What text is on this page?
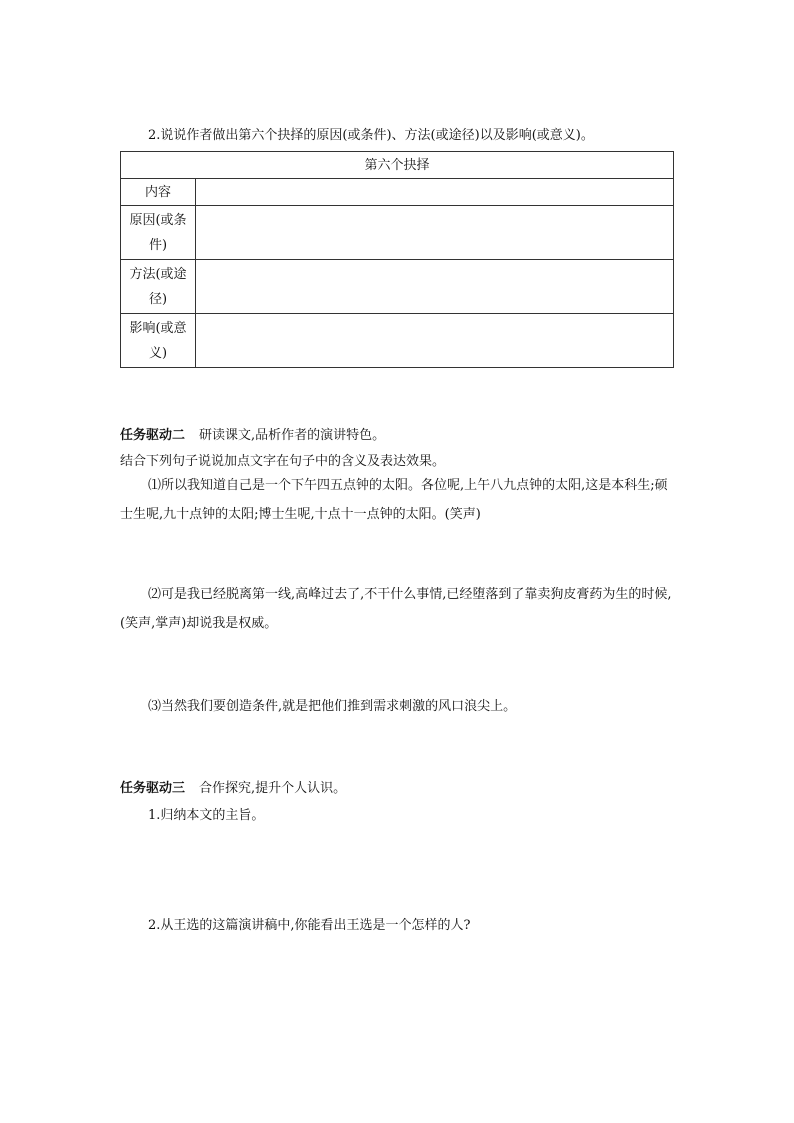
2.说说作者做出第六个抉择的原因(或条件)、方法(或途径)以及影响(或意义)。
第六个抉择	

内容	

原因(或条件)	

方法(或途径)	

影响(或意义)	

任务驱动二 研读课文,品析作者的演讲特色。
结合下列句子说说加点文字在句子中的含义及表达效果。
⑴所以我知道自己是一个下午四五点钟的太阳。各位呢,上午八九点钟的太阳,这是本科生;硕士生呢,九十点钟的太阳;博士生呢,十点十一点钟的太阳。(笑声)
⑵可是我已经脱离第一线,高峰过去了,不干什么事情,已经堕落到了靠卖狗皮膏药为生的时候,(笑声,掌声)却说我是权威。
⑶当然我们要创造条件,就是把他们推到需求刺激的风口浪尖上。
任务驱动三 合作探究,提升个人认识。
1.归纳本文的主旨。
2.从王选的这篇演讲稿中,你能看出王选是一个怎样的人?
